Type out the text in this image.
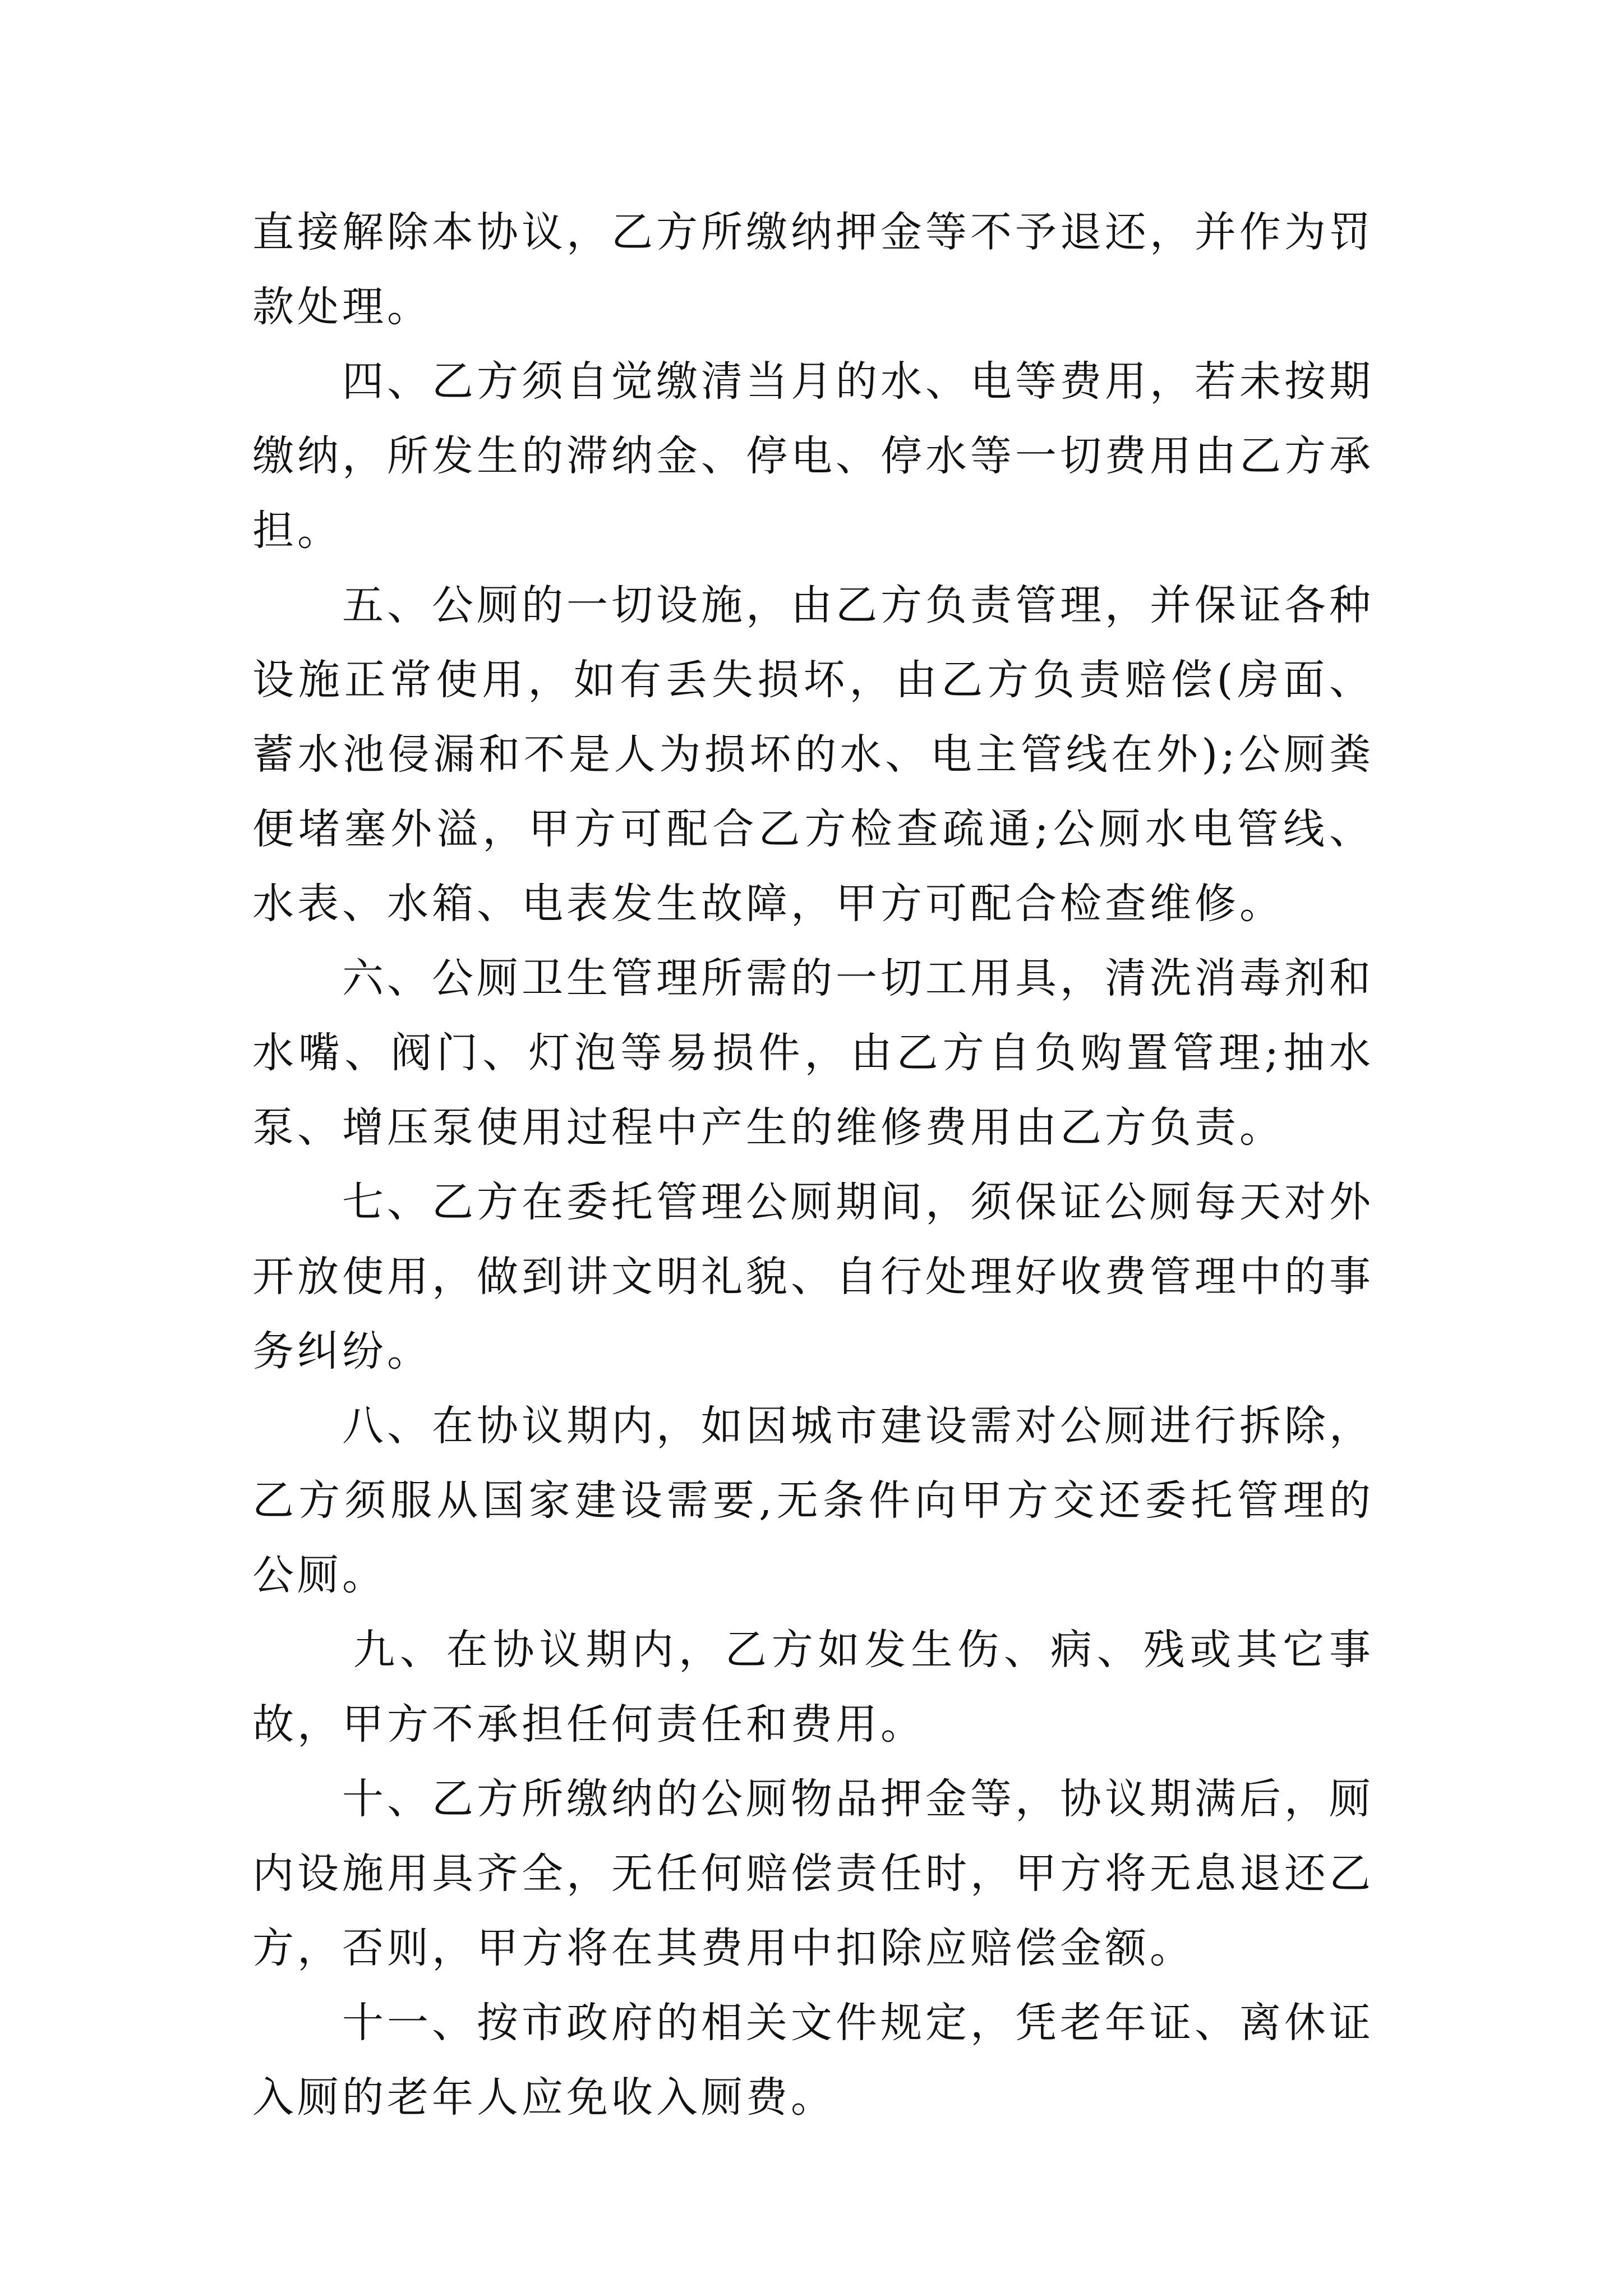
直接解除本协议，乙方所缴纳押金等不予退还，并作为罚款处理。

四、乙方须自觉缴清当月的水、电等费用，若未按期缴纳，所发生的滞纳金、停电、停水等一切费用由乙方承担。

五、公厕的一切设施，由乙方负责管理，并保证各种设施正常使用，如有丢失损坏，由乙方负责赔偿(房面、蓄水池侵漏和不是人为损坏的水、电主管线在外);公厕粪便堵塞外溢，甲方可配合乙方检查疏通;公厕水电管线、水表、水箱、电表发生故障，甲方可配合检查维修。

六、公厕卫生管理所需的一切工用具，清洗消毒剂和水嘴、阀门、灯泡等易损件，由乙方自负购置管理;抽水泵、增压泵使用过程中产生的维修费用由乙方负责。

七、乙方在委托管理公厕期间，须保证公厕每天对外开放使用，做到讲文明礼貌、自行处理好收费管理中的事务纠纷。

八、在协议期内，如因城市建设需对公厕进行拆除，乙方须服从国家建设需要,无条件向甲方交还委托管理的公厕。

九、在协议期内，乙方如发生伤、病、残或其它事故，甲方不承担任何责任和费用。

十、乙方所缴纳的公厕物品押金等，协议期满后，厕内设施用具齐全，无任何赔偿责任时，甲方将无息退还乙方，否则，甲方将在其费用中扣除应赔偿金额。

十一、按市政府的相关文件规定，凭老年证、离休证入厕的老年人应免收入厕费。
